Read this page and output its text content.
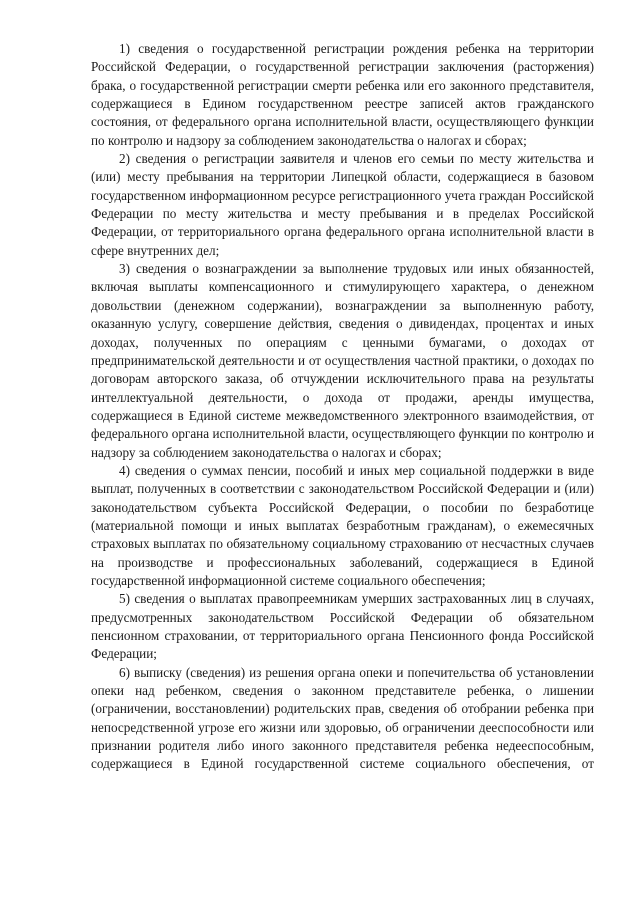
1) сведения о государственной регистрации рождения ребенка на территории Российской Федерации, о государственной регистрации заключения (расторжения) брака, о государственной регистрации смерти ребенка или его законного представителя, содержащиеся в Едином государственном реестре записей актов гражданского состояния, от федерального органа исполнительной власти, осуществляющего функции по контролю и надзору за соблюдением законодательства о налогах и сборах;

2) сведения о регистрации заявителя и членов его семьи по месту жительства и (или) месту пребывания на территории Липецкой области, содержащиеся в базовом государственном информационном ресурсе регистрационного учета граждан Российской Федерации по месту жительства и месту пребывания и в пределах Российской Федерации, от территориального органа федерального органа исполнительной власти в сфере внутренних дел;

3) сведения о вознаграждении за выполнение трудовых или иных обязанностей, включая выплаты компенсационного и стимулирующего характера, о денежном довольствии (денежном содержании), вознаграждении за выполненную работу, оказанную услугу, совершение действия, сведения о дивидендах, процентах и иных доходах, полученных по операциям с ценными бумагами, о доходах от предпринимательской деятельности и от осуществления частной практики, о доходах по договорам авторского заказа, об отчуждении исключительного права на результаты интеллектуальной деятельности, о дохода от продажи, аренды имущества, содержащиеся в Единой системе межведомственного электронного взаимодействия, от федерального органа исполнительной власти, осуществляющего функции по контролю и надзору за соблюдением законодательства о налогах и сборах;

4) сведения о суммах пенсии, пособий и иных мер социальной поддержки в виде выплат, полученных в соответствии с законодательством Российской Федерации и (или) законодательством субъекта Российской Федерации, о пособии по безработице (материальной помощи и иных выплатах безработным гражданам), о ежемесячных страховых выплатах по обязательному социальному страхованию от несчастных случаев на производстве и профессиональных заболеваний, содержащиеся в Единой государственной информационной системе социального обеспечения;

5) сведения о выплатах правопреемникам умерших застрахованных лиц в случаях, предусмотренных законодательством Российской Федерации об обязательном пенсионном страховании, от территориального органа Пенсионного фонда Российской Федерации;

6) выписку (сведения) из решения органа опеки и попечительства об установлении опеки над ребенком, сведения о законном представителе ребенка, о лишении (ограничении, восстановлении) родительских прав, сведения об отобрании ребенка при непосредственной угрозе его жизни или здоровью, об ограничении дееспособности или признании родителя либо иного законного представителя ребенка недееспособным, содержащиеся в Единой государственной системе социального обеспечения, от
